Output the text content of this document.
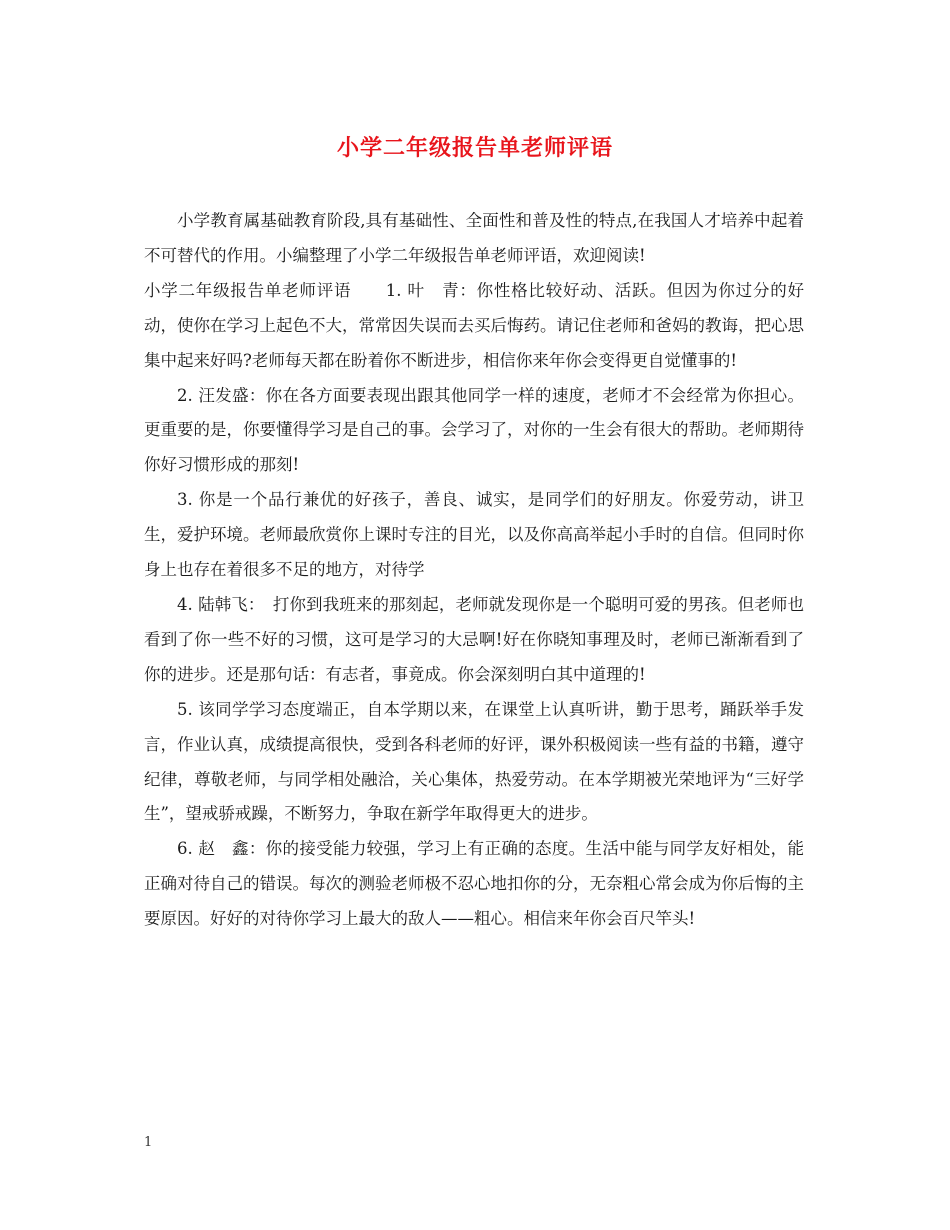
小学二年级报告单老师评语

小学教育属基础教育阶段,具有基础性、全面性和普及性的特点,在我国人才培养中起着不可替代的作用。小编整理了小学二年级报告单老师评语，欢迎阅读!

小学二年级报告单老师评语　　1. 叶　青：你性格比较好动、活跃。但因为你过分的好动，使你在学习上起色不大，常常因失误而去买后悔药。请记住老师和爸妈的教诲，把心思集中起来好吗?老师每天都在盼着你不断进步，相信你来年你会变得更自觉懂事的!

2. 汪发盛：你在各方面要表现出跟其他同学一样的速度，老师才不会经常为你担心。更重要的是，你要懂得学习是自己的事。会学习了，对你的一生会有很大的帮助。老师期待你好习惯形成的那刻!

3. 你是一个品行兼优的好孩子，善良、诚实，是同学们的好朋友。你爱劳动，讲卫生，爱护环境。老师最欣赏你上课时专注的目光，以及你高高举起小手时的自信。但同时你身上也存在着很多不足的地方，对待学

4. 陆韩飞：　打你到我班来的那刻起，老师就发现你是一个聪明可爱的男孩。但老师也看到了你一些不好的习惯，这可是学习的大忌啊!好在你晓知事理及时，老师已渐渐看到了你的进步。还是那句话：有志者，事竟成。你会深刻明白其中道理的!

5. 该同学学习态度端正，自本学期以来，在课堂上认真听讲，勤于思考，踊跃举手发言，作业认真，成绩提高很快，受到各科老师的好评，课外积极阅读一些有益的书籍，遵守纪律，尊敬老师，与同学相处融洽，关心集体，热爱劳动。在本学期被光荣地评为“三好学生”，望戒骄戒躁，不断努力，争取在新学年取得更大的进步。

6. 赵　鑫：你的接受能力较强，学习上有正确的态度。生活中能与同学友好相处，能正确对待自己的错误。每次的测验老师极不忍心地扣你的分，无奈粗心常会成为你后悔的主要原因。好好的对待你学习上最大的敌人——粗心。相信来年你会百尺竿头!

1
